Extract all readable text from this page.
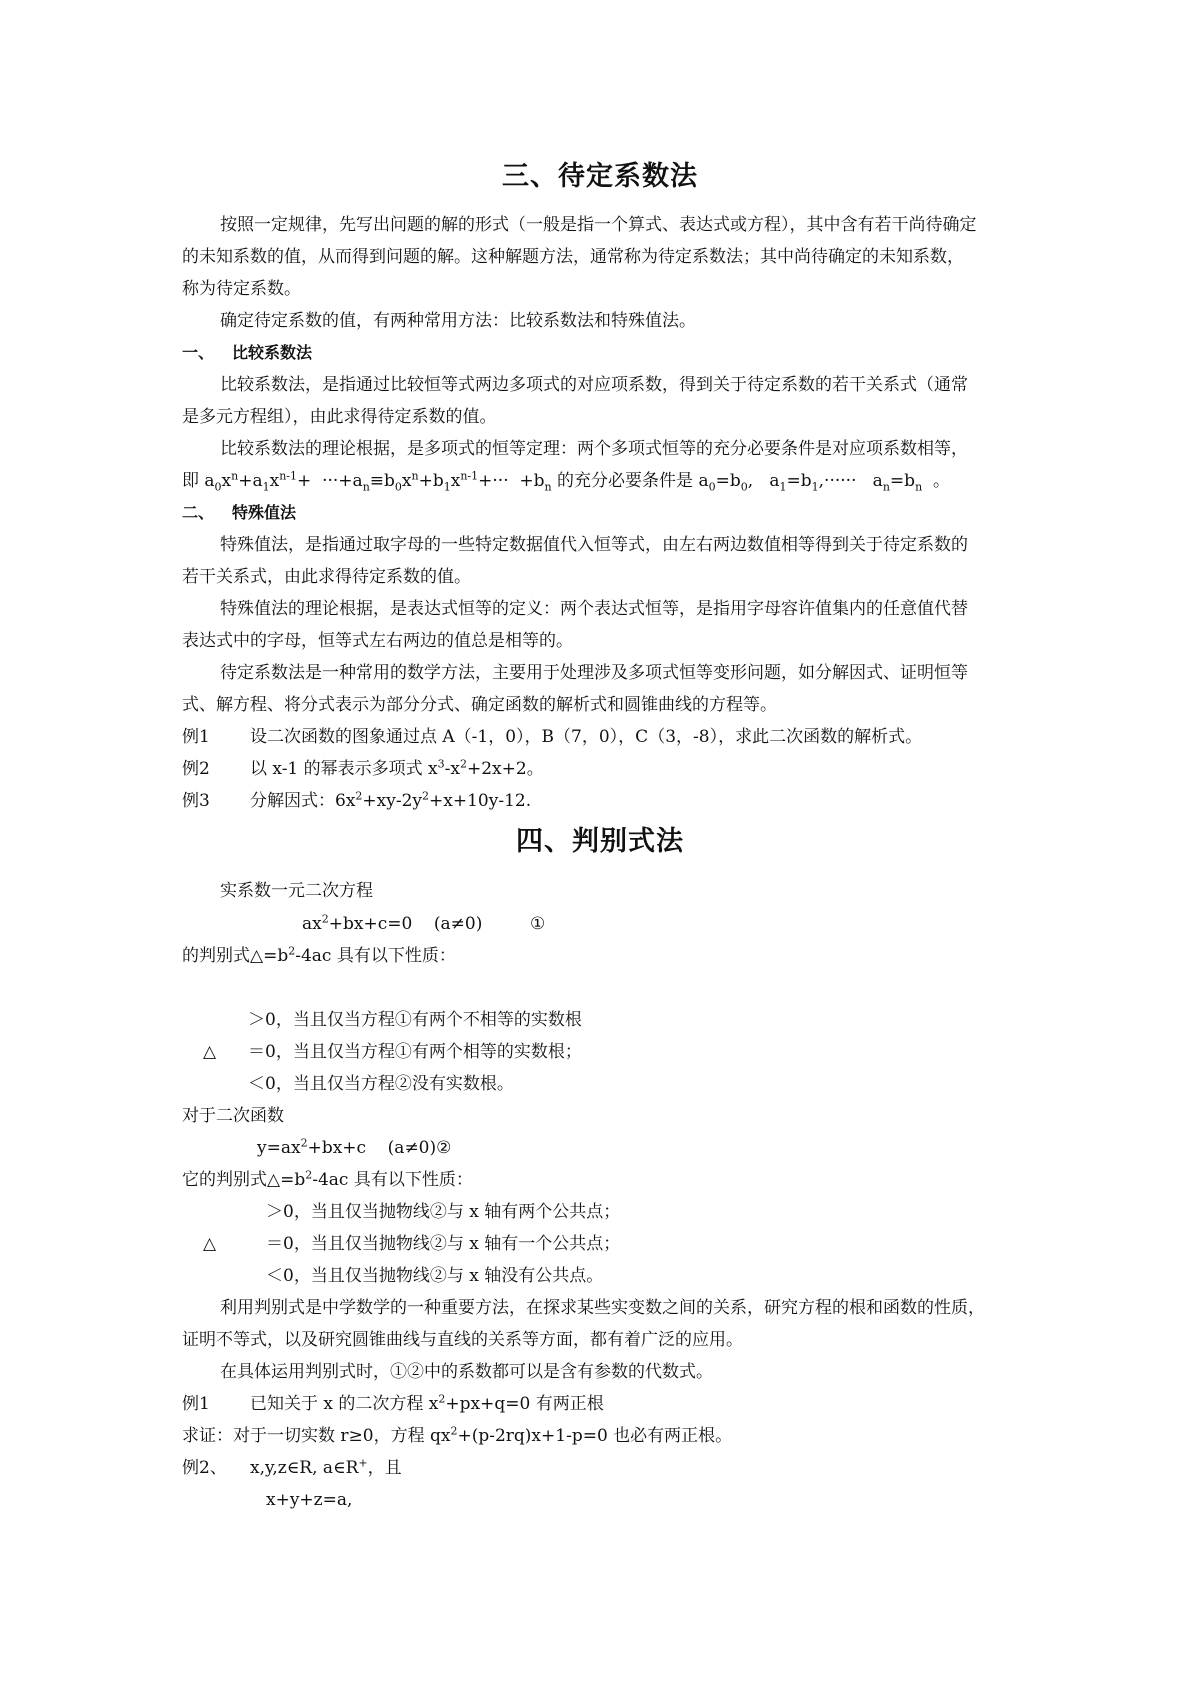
三、待定系数法
按照一定规律，先写出问题的解的形式（一般是指一个算式、表达式或方程），其中含有若干尚待确定
的未知系数的值，从而得到问题的解。这种解题方法，通常称为待定系数法；其中尚待确定的未知系数，
称为待定系数。
确定待定系数的值，有两种常用方法：比较系数法和特殊值法。
一、 比较系数法
比较系数法，是指通过比较恒等式两边多项式的对应项系数，得到关于待定系数的若干关系式（通常
是多元方程组），由此求得待定系数的值。
比较系数法的理论根据，是多项式的恒等定理：两个多项式恒等的充分必要条件是对应项系数相等，
即 $a_0x^n+a_1x^{n-1}+ \cdot\cdot\cdot+a_n\equiv b_0x^n+b_1x^{n-1}+\cdot\cdot\cdot +b_n$ 的充分必要条件是 $a_0=b_0$,   $a_1=b_1,\cdot\cdot\cdot\cdot\cdot\cdot a_n=b_n$  。
二、 特殊值法
特殊值法，是指通过取字母的一些特定数据值代入恒等式，由左右两边数值相等得到关于待定系数的
若干关系式，由此求得待定系数的值。
特殊值法的理论根据，是表达式恒等的定义：两个表达式恒等，是指用字母容许值集内的任意值代替
表达式中的字母，恒等式左右两边的值总是相等的。
待定系数法是一种常用的数学方法，主要用于处理涉及多项式恒等变形问题，如分解因式、证明恒等
式、解方程、将分式表示为部分分式、确定函数的解析式和圆锥曲线的方程等。
例1 设二次函数的图象通过点 A（-1，0），B（7，0），C（3，-8），求此二次函数的解析式。
例2 以 x-1 的幂表示多项式 $x^3-x^2+2x+2$。
例3 分解因式：$6x^2+xy-2y^2+x+10y-12$.
四、判别式法
实系数一元二次方程
$ax^2+bx+c=0$    (a≠0)	①
的判别式$\triangle=b^2-4ac$ 具有以下性质：
＞0，当且仅当方程①有两个不相等的实数根
△ ＝0，当且仅当方程①有两个相等的实数根；
＜0，当且仅当方程②没有实数根。
对于二次函数
$y=ax^2+bx+c$    (a≠0)②
它的判别式$\triangle=b^2-4ac$ 具有以下性质：
＞0，当且仅当抛物线②与 x 轴有两个公共点；
△	＝0，当且仅当抛物线②与 x 轴有一个公共点；
＜0，当且仅当抛物线②与 x 轴没有公共点。
利用判别式是中学数学的一种重要方法，在探求某些实变数之间的关系，研究方程的根和函数的性质，
证明不等式，以及研究圆锥曲线与直线的关系等方面，都有着广泛的应用。
在具体运用判别式时，①②中的系数都可以是含有参数的代数式。
例1 已知关于 x 的二次方程 $x^2+px+q=0$ 有两正根
求证：对于一切实数 r≥0，方程 $qx^2+(p-2rq)x+1-p=0$ 也必有两正根。
例2、 x,y,z∈R, a∈R+，且
x+y+z=a,
